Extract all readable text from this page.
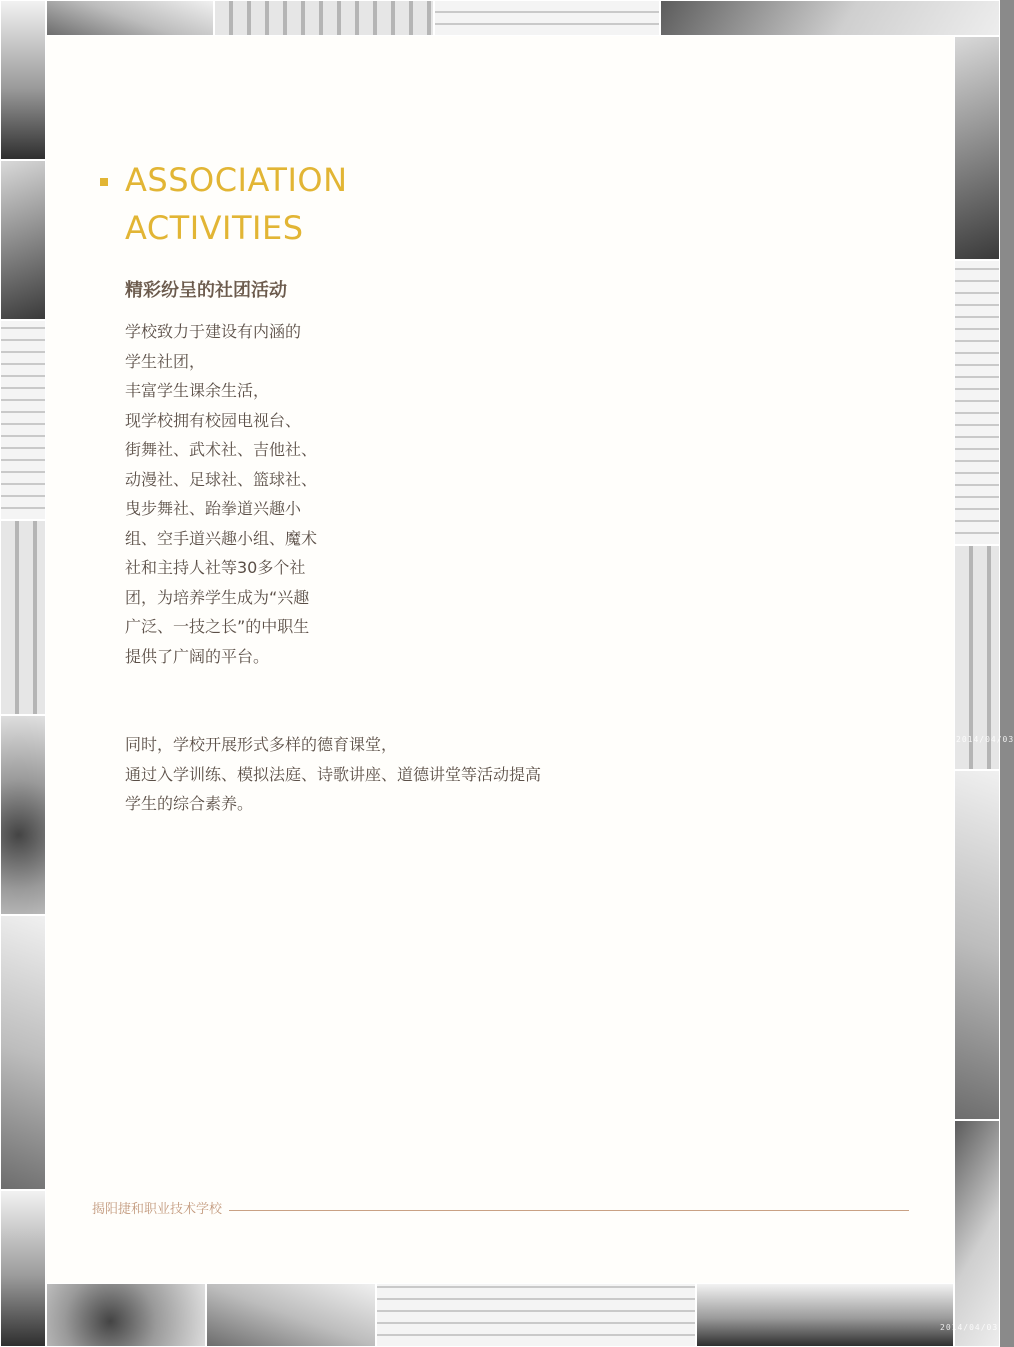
2014/04/03
2014/04/03
ASSOCIATION
ACTIVITIES
精彩纷呈的社团活动
学校致力于建设有内涵的
学生社团，
丰富学生课余生活，
现学校拥有校园电视台、
街舞社、武术社、吉他社、
动漫社、足球社、篮球社、
曳步舞社、跆拳道兴趣小
组、空手道兴趣小组、魔术
社和主持人社等30多个社
团，为培养学生成为“兴趣
广泛、一技之长”的中职生
提供了广阔的平台。
同时，学校开展形式多样的德育课堂，
通过入学训练、模拟法庭、诗歌讲座、道德讲堂等活动提高
学生的综合素养。
揭阳捷和职业技术学校
